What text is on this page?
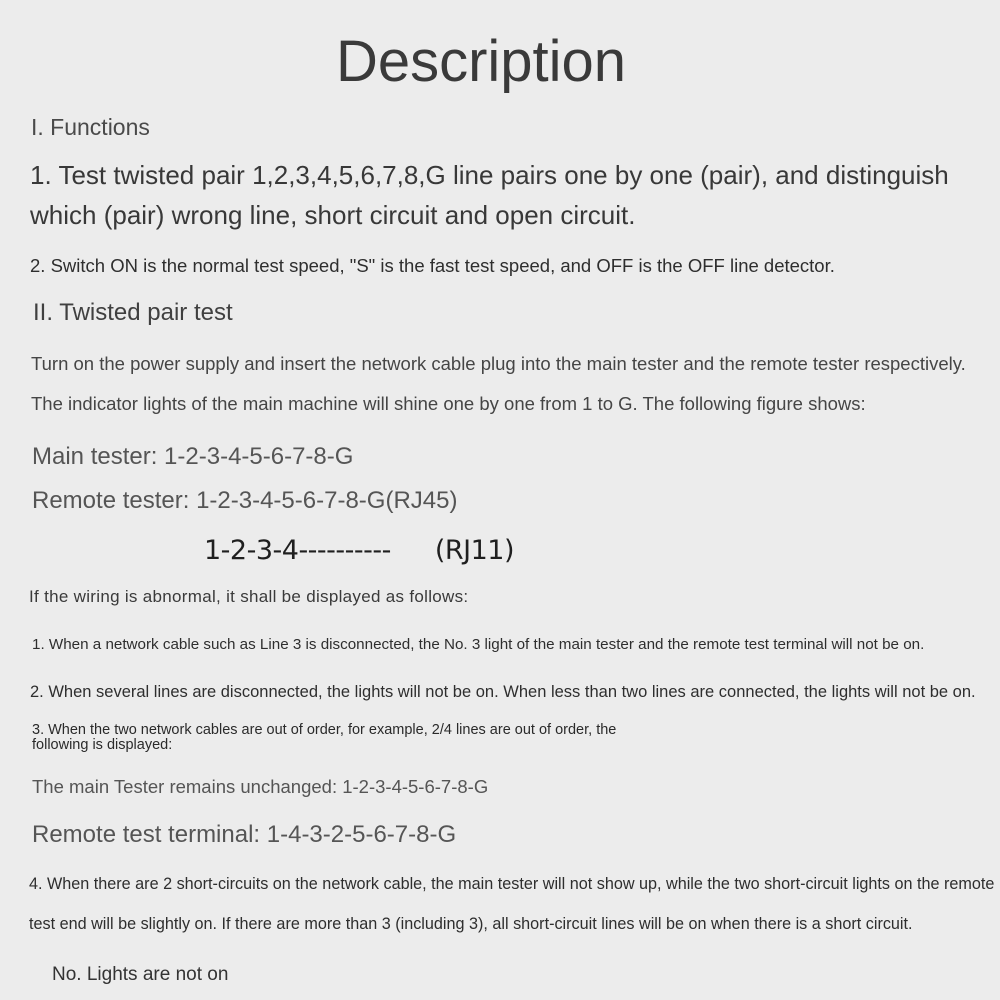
Description

I. Functions

1. Test twisted pair 1,2,3,4,5,6,7,8,G line pairs one by one (pair), and distinguish

which (pair) wrong line, short circuit and open circuit.

2. Switch ON is the normal test speed, "S" is the fast test speed, and OFF is the OFF line detector.

II. Twisted pair test

Turn on the power supply and insert the network cable plug into the main tester and the remote tester respectively.

The indicator lights of the main machine will shine one by one from 1 to G. The following figure shows:

Main tester: 1-2-3-4-5-6-7-8-G

Remote tester: 1-2-3-4-5-6-7-8-G(RJ45)

1-2-3-4---------- (RJ11)

If the wiring is abnormal, it shall be displayed as follows:

1. When a network cable such as Line 3 is disconnected, the No. 3 light of the main tester and the remote test terminal will not be on.

2. When several lines are disconnected, the lights will not be on. When less than two lines are connected, the lights will not be on.

3. When the two network cables are out of order, for example, 2/4 lines are out of order, the

following is displayed:

The main Tester remains unchanged: 1-2-3-4-5-6-7-8-G

Remote test terminal: 1-4-3-2-5-6-7-8-G

4. When there are 2 short-circuits on the network cable, the main tester will not show up, while the two short-circuit lights on the remote

test end will be slightly on. If there are more than 3 (including 3), all short-circuit lines will be on when there is a short circuit.

No. Lights are not on
